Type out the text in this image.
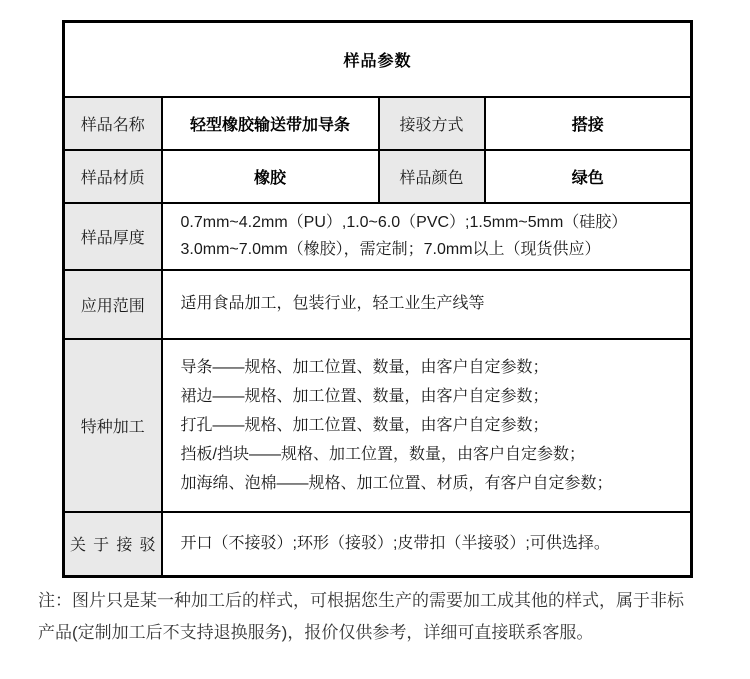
样品参数			
样品名称	轻型橡胶输送带加导条	接驳方式	搭接
样品材质	橡胶	样品颜色	绿色
样品厚度	0.7mm~4.2mm（PU）,1.0~6.0（PVC）;1.5mm~5mm（硅胶）
3.0mm~7.0mm（橡胶），需定制；7.0mm以上（现货供应）		

应用范围	适用食品加工，包装行业，轻工业生产线等		

特种加工	导条——规格、加工位置、数量，由客户自定参数；
裙边——规格、加工位置、数量，由客户自定参数；
打孔——规格、加工位置、数量，由客户自定参数；
挡板/挡块——规格、加工位置，数量，由客户自定参数；
加海绵、泡棉——规格、加工位置、材质，有客户自定参数；		

关于接驳	开口（不接驳）;环形（接驳）;皮带扣（半接驳）;可供选择。		
注：图片只是某一种加工后的样式，可根据您生产的需要加工成其他的样式，属于非标
产品(定制加工后不支持退换服务)，报价仅供参考，详细可直接联系客服。
